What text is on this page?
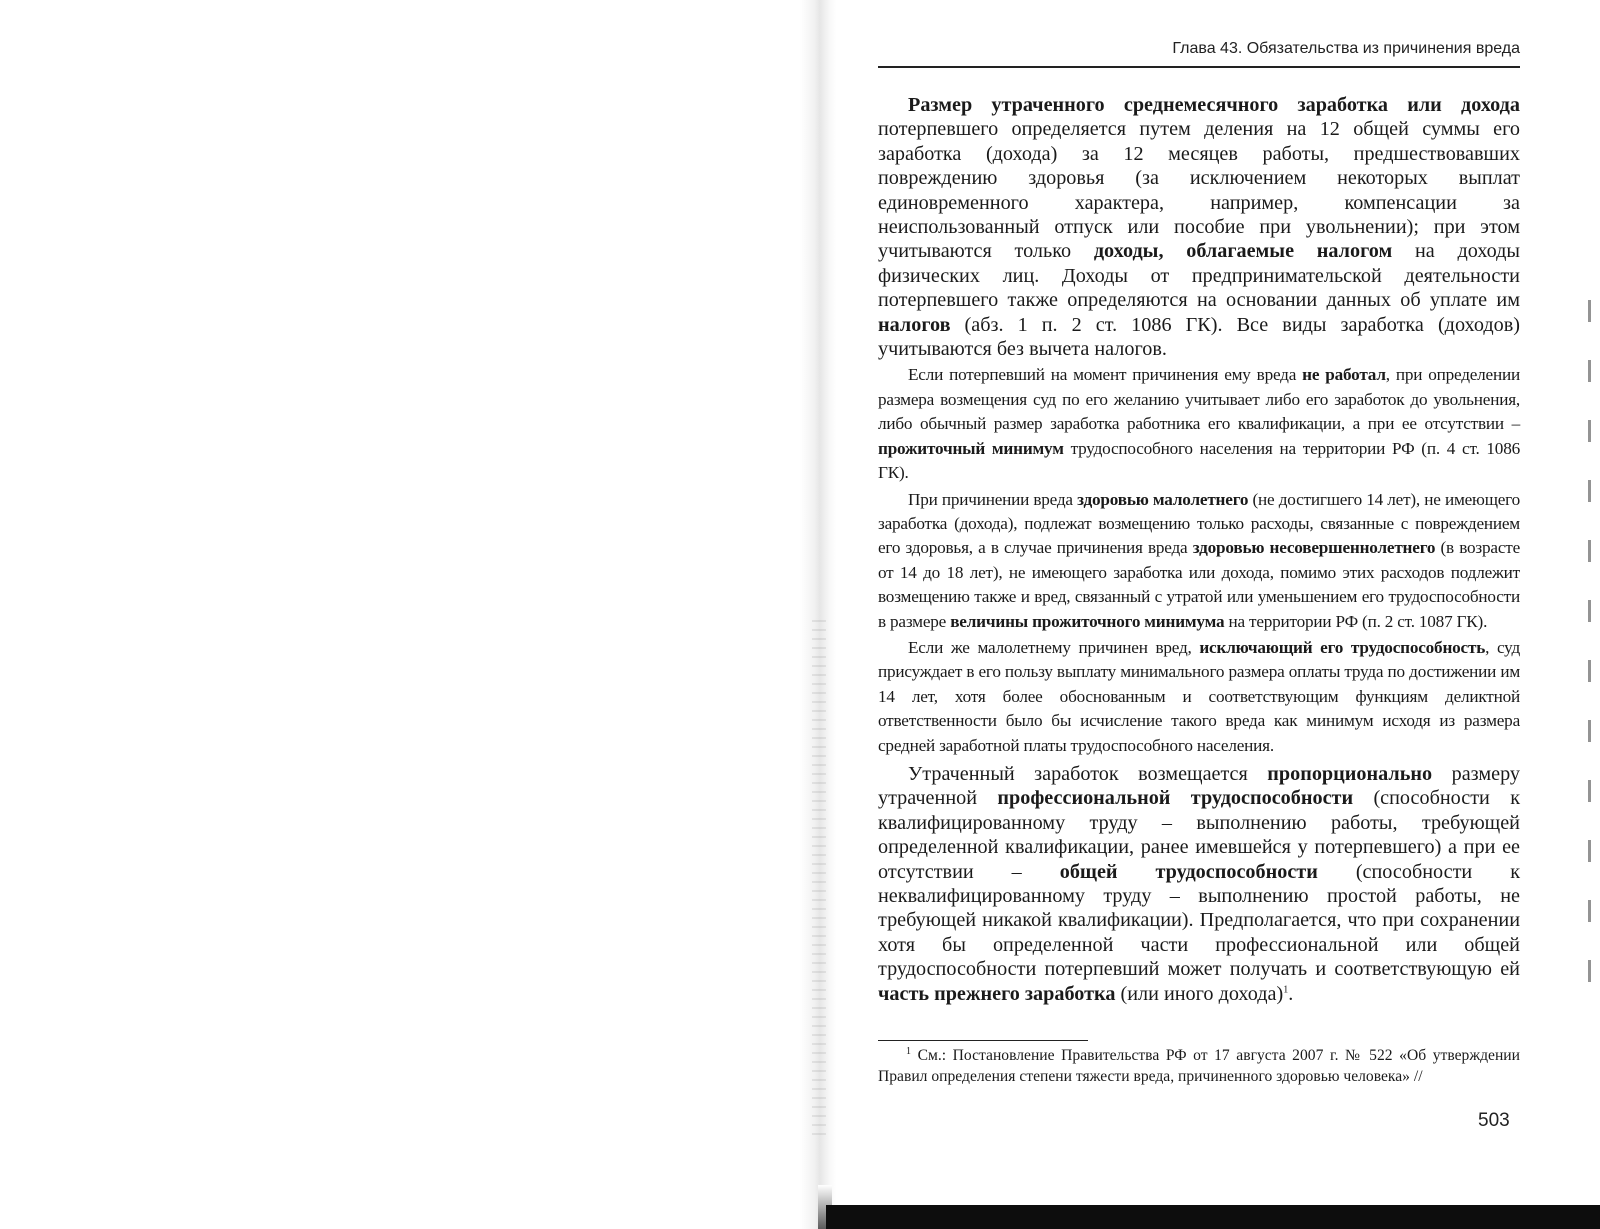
Глава 43. Обязательства из причинения вреда

Размер утраченного среднемесячного заработка или дохода потерпевшего определяется путем деления на 12 общей суммы его заработка (дохода) за 12 месяцев работы, предшествовавших повреждению здоровья (за исключением некоторых выплат единовременного характера, например, компенсации за неиспользованный отпуск или пособие при увольнении); при этом учитываются только доходы, облагаемые налогом на доходы физических лиц. Доходы от предпринимательской деятельности потерпевшего также определяются на основании данных об уплате им налогов (абз. 1 п. 2 ст. 1086 ГК). Все виды заработка (доходов) учитываются без вычета налогов.

Если потерпевший на момент причинения ему вреда не работал, при определении размера возмещения суд по его желанию учитывает либо его заработок до увольнения, либо обычный размер заработка работника его квалификации, а при ее отсутствии – прожиточный минимум трудоспособного населения на территории РФ (п. 4 ст. 1086 ГК).

При причинении вреда здоровью малолетнего (не достигшего 14 лет), не имеющего заработка (дохода), подлежат возмещению только расходы, связанные с повреждением его здоровья, а в случае причинения вреда здоровью несовершеннолетнего (в возрасте от 14 до 18 лет), не имеющего заработка или дохода, помимо этих расходов подлежит возмещению также и вред, связанный с утратой или уменьшением его трудоспособности в размере величины прожиточного минимума на территории РФ (п. 2 ст. 1087 ГК).

Если же малолетнему причинен вред, исключающий его трудоспособность, суд присуждает в его пользу выплату минимального размера оплаты труда по достижении им 14 лет, хотя более обоснованным и соответствующим функциям деликтной ответственности было бы исчисление такого вреда как минимум исходя из размера средней заработной платы трудоспособного населения.

Утраченный заработок возмещается пропорционально размеру утраченной профессиональной трудоспособности (способности к квалифицированному труду – выполнению работы, требующей определенной квалификации, ранее имевшейся у потерпевшего) а при ее отсутствии – общей трудоспособности (способности к неквалифицированному труду – выполнению простой работы, не требующей никакой квалификации). Предполагается, что при сохранении хотя бы определенной части профессиональной или общей трудоспособности потерпевший может получать и соответствующую ей часть прежнего заработка (или иного дохода)$^1$.

$^1$ См.: Постановление Правительства РФ от 17 августа 2007 г. № 522 «Об утверждении Правил определения степени тяжести вреда, причиненного здоровью человека» //

503
